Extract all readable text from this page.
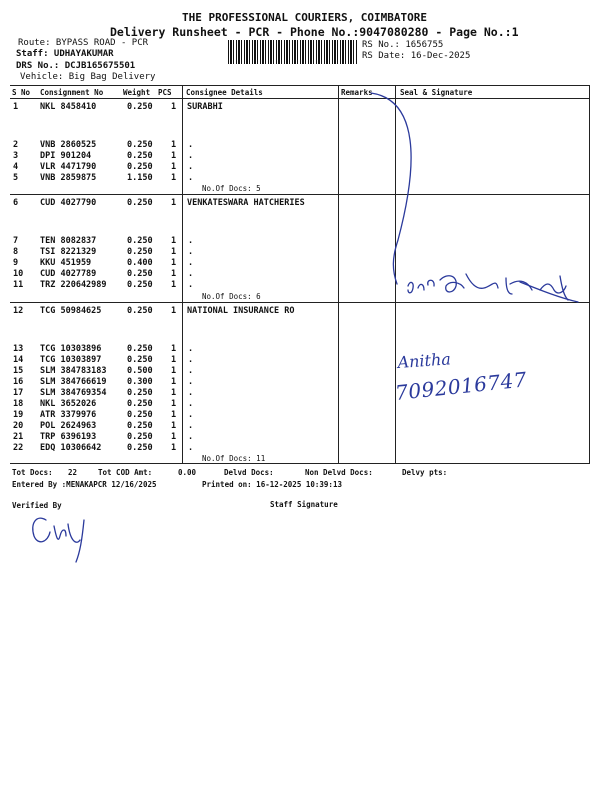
THE PROFESSIONAL COURIERS, COIMBATORE
Delivery Runsheet - PCR - Phone No.:9047080280 - Page No.:1
Route: BYPASS ROAD - PCR
Staff: UDHAYAKUMAR
DRS No.: DCJB165675501
Vehicle: Big Bag Delivery
RS No.: 1656755
RS Date: 16-Dec-2025
S No Consignment No	Weight PCS Consignee Details	Remarks	Seal & Signature
1	NKL 8458410	0.250 1 SURABHI
2	VNB 2860525	0.250 1 .
3	DPI 901204	0.250 1 .
4	VLR 4471790	0.250 1 .
5	VNB 2859875	1.150 1 .
No.Of Docs: 5
6	CUD 4027790	0.250 1 VENKATESWARA HATCHERIES
7	TEN 8082837	0.250 1 .
8	TSI 8221329	0.250 1 .
9	KKU 451959	0.400 1 .
10 CUD 4027789	0.250 1 .
11 TRZ 220642989 0.250 1 .
No.Of Docs: 6
12 TCG 50984625	0.250 1 NATIONAL INSURANCE RO
13 TCG 10303896	0.250 1 .
14 TCG 10303897	0.250 1 .
15 SLM 384783183 0.500 1 .
16 SLM 384766619 0.300 1 .
17 SLM 384769354 0.250 1 .
18 NKL 3652026	0.250 1 .
19 ATR 3379976	0.250 1 .
20 POL 2624963	0.250 1 .
21 TRP 6396193	0.250 1 .
22 EDQ 10306642	0.250 1 .
No.Of Docs: 11
Tot Docs: 22	Tot COD Amt:	0.00	Delvd Docs:	Non Delvd Docs:	Delvy pts:
Entered By :MENAKAPCR 12/16/2025	Printed on: 16-12-2025 10:39:13
Verified By	Staff Signature
Dr.G Kaith
Anitha
7092016747
